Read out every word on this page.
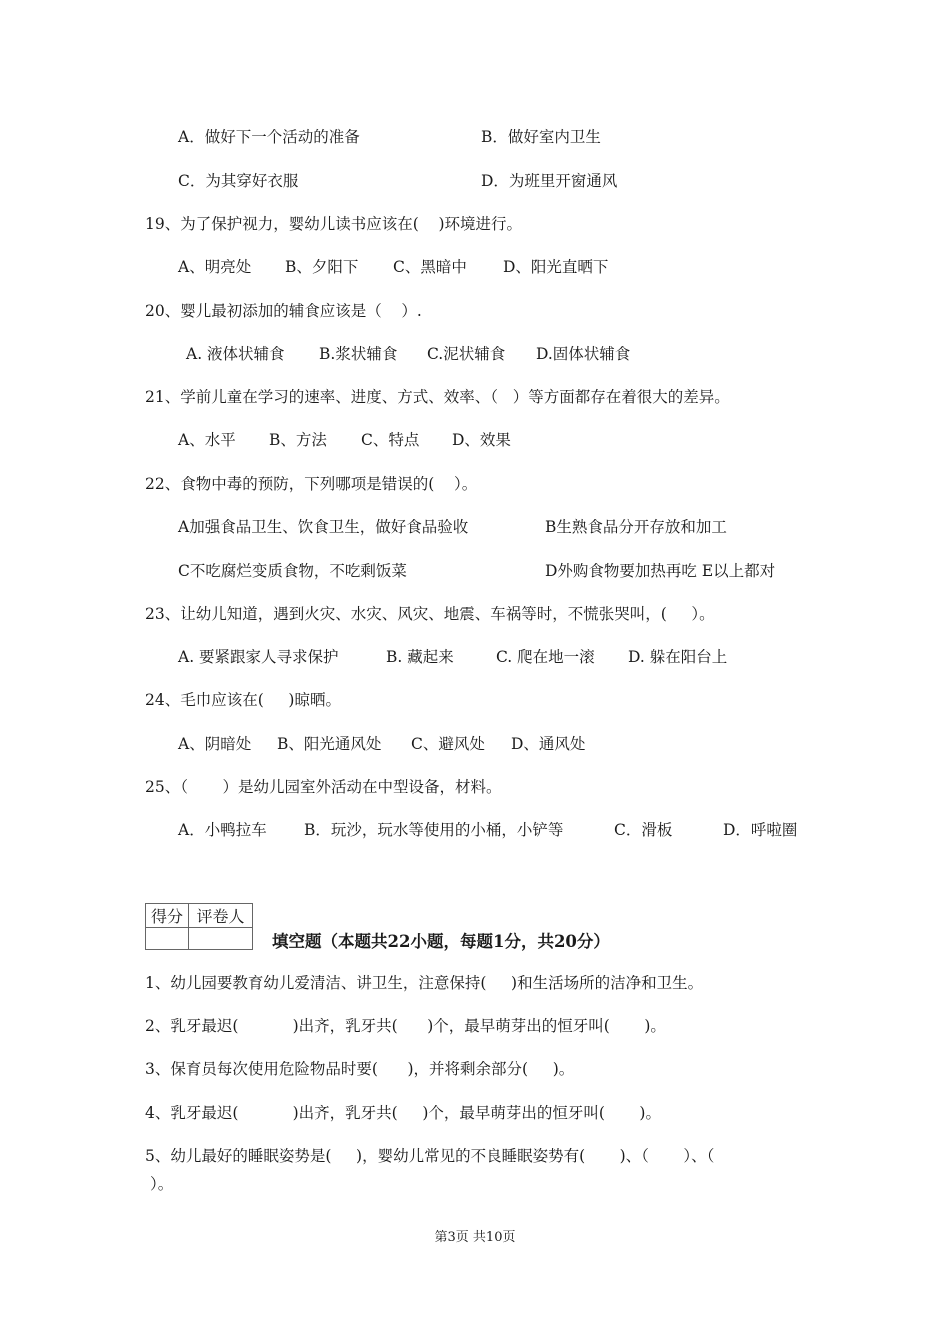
A．做好下一个活动的准备	B．做好室内卫生
C．为其穿好衣服	D．为班里开窗通风
19、为了保护视力，婴幼儿读书应该在(    )环境进行。
A、明亮处 B、夕阳下 C、黑暗中 D、阳光直晒下
20、婴儿最初添加的辅食应该是（    ）.
A. 液体状辅食 B.浆状辅食 C.泥状辅食 D.固体状辅食
21、学前儿童在学习的速率、进度、方式、效率、（   ）等方面都存在着很大的差异。
A、水平 B、方法 C、特点 D、效果
22、食物中毒的预防，下列哪项是错误的(    ）。
A加强食品卫生、饮食卫生，做好食品验收	B生熟食品分开存放和加工
C不吃腐烂变质食物，不吃剩饭菜	D外购食物要加热再吃 E以上都对
23、让幼儿知道，遇到火灾、水灾、风灾、地震、车祸等时，不慌张哭叫，(     ）。
A. 要紧跟家人寻求保护	B. 藏起来	C. 爬在地一滚 D. 躲在阳台上
24、毛巾应该在(     )晾晒。
A、阴暗处 B、阳光通风处 C、避风处 D、通风处
25、（       ）是幼儿园室外活动在中型设备，材料。
A．小鸭拉车 B．玩沙，玩水等使用的小桶，小铲等	C．滑板	D．呼啦圈
得分	评卷人

填空题（本题共22小题，每题1分，共20分）
1、幼儿园要教育幼儿爱清洁、讲卫生，注意保持(     )和生活场所的洁净和卫生。
2、乳牙最迟(           )出齐，乳牙共(      )个，最早萌芽出的恒牙叫(       )。
3、保育员每次使用危险物品时要(      )，并将剩余部分(     )。
4、乳牙最迟(           )出齐，乳牙共(     )个，最早萌芽出的恒牙叫(       )。
5、幼儿最好的睡眠姿势是(     )，婴幼儿常见的不良睡眠姿势有(       )、（       ）、（
）。
第3页 共10页
